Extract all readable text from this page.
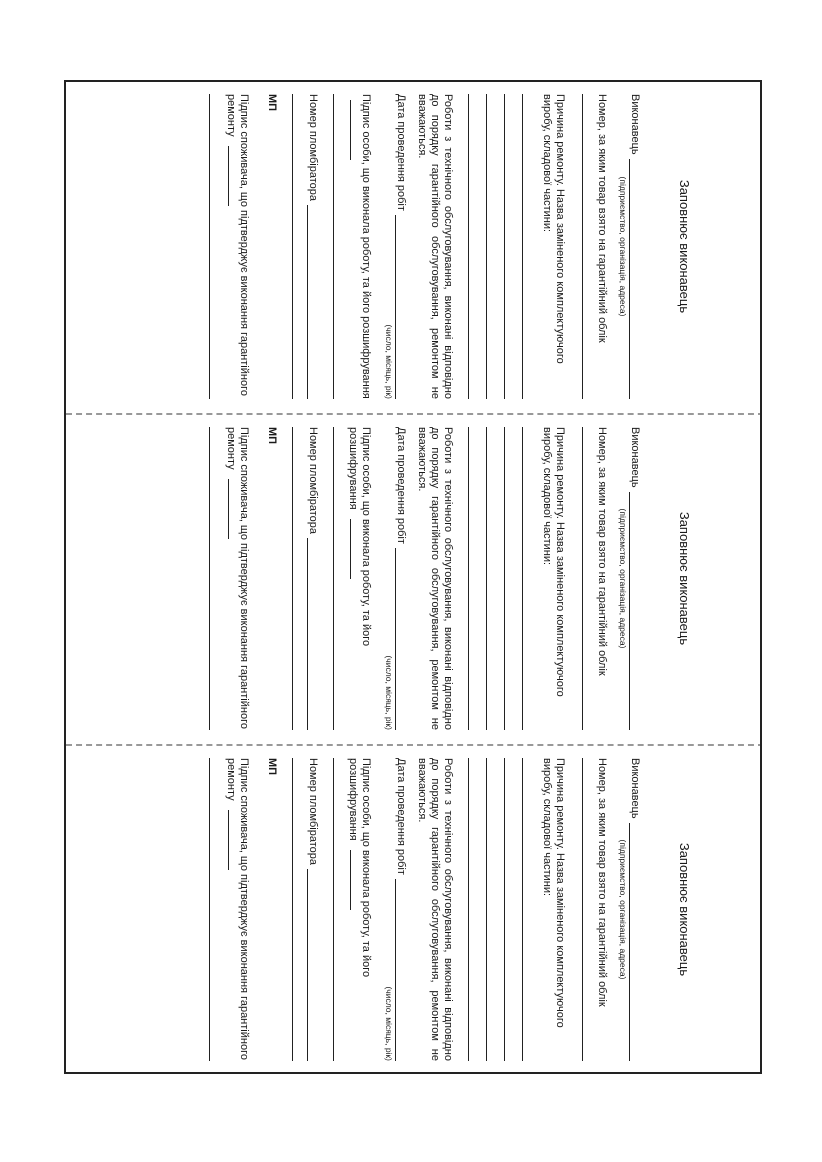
Заповнює виконавець
Виконавець
(підприємство, організація, адреса)
Номер, за яким товар взято на гарантійний облік
Причина ремонту. Назва заміненого комплектуючого виробу, складової частини:
Роботи з технічного обслуговування, виконані відповідно до порядку гарантійного обслуговування, ремонтом не вважаються.
Дата проведення робіт
(число, місяць, рік)
Підпис особи, що виконала роботу, та його розшифрування
Номер пломбіратора
МП
Підпис споживача, що підтверджує виконання гарантійного ремонту
Заповнює виконавець
Виконавець
(підприємство, організація, адреса)
Номер, за яким товар взято на гарантійний облік
Причина ремонту. Назва заміненого комплектуючого виробу, складової частини:
Роботи з технічного обслуговування, виконані відповідно до порядку гарантійного обслуговування, ремонтом не вважаються.
Дата проведення робіт
(число, місяць, рік)
Підпис особи, що виконала роботу, та його розшифрування
Номер пломбіратора
МП
Підпис споживача, що підтверджує виконання гарантійного ремонту
Заповнює виконавець
Виконавець
(підприємство, організація, адреса)
Номер, за яким товар взято на гарантійний облік
Причина ремонту. Назва заміненого комплектуючого виробу, складової частини:
Роботи з технічного обслуговування, виконані відповідно до порядку гарантійного обслуговування, ремонтом не вважаються.
Дата проведення робіт
(число, місяць, рік)
Підпис особи, що виконала роботу, та його розшифрування
Номер пломбіратора
МП
Підпис споживача, що підтверджує виконання гарантійного ремонту
